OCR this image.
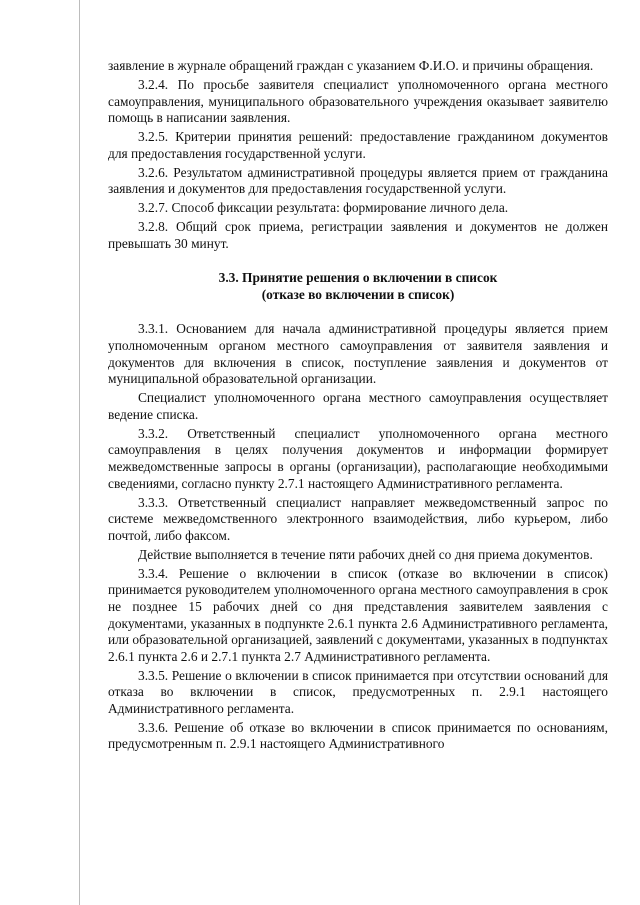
заявление в журнале обращений граждан с указанием Ф.И.О. и причины обращения.

3.2.4. По просьбе заявителя специалист уполномоченного органа местного самоуправления, муниципального образовательного учреждения оказывает заявителю помощь в написании заявления.

3.2.5. Критерии принятия решений: предоставление гражданином документов для предоставления государственной услуги.

3.2.6. Результатом административной процедуры является прием от гражданина заявления и документов для предоставления государственной услуги.

3.2.7. Способ фиксации результата: формирование личного дела.

3.2.8. Общий срок приема, регистрации заявления и документов не должен превышать 30 минут.

3.3. Принятие решения о включении в список
(отказе во включении в список)

3.3.1. Основанием для начала административной процедуры является прием уполномоченным органом местного самоуправления от заявителя заявления и документов для включения в список, поступление заявления и документов от муниципальной образовательной организации.

Специалист уполномоченного органа местного самоуправления осуществляет ведение списка.

3.3.2. Ответственный специалист уполномоченного органа местного самоуправления в целях получения документов и информации формирует межведомственные запросы в органы (организации), располагающие необходимыми сведениями, согласно пункту 2.7.1 настоящего Административного регламента.

3.3.3. Ответственный специалист направляет межведомственный запрос по системе межведомственного электронного взаимодействия, либо курьером, либо почтой, либо факсом.

Действие выполняется в течение пяти рабочих дней со дня приема документов.

3.3.4. Решение о включении в список (отказе во включении в список) принимается руководителем уполномоченного органа местного самоуправления в срок не позднее 15 рабочих дней со дня представления заявителем заявления с документами, указанных в подпункте 2.6.1 пункта 2.6 Административного регламента, или образовательной организацией, заявлений с документами, указанных в подпунктах 2.6.1 пункта 2.6 и 2.7.1 пункта 2.7 Административного регламента.

3.3.5. Решение о включении в список принимается при отсутствии оснований для отказа во включении в список, предусмотренных п. 2.9.1 настоящего Административного регламента.

3.3.6. Решение об отказе во включении в список принимается по основаниям, предусмотренным п. 2.9.1 настоящего Административного
